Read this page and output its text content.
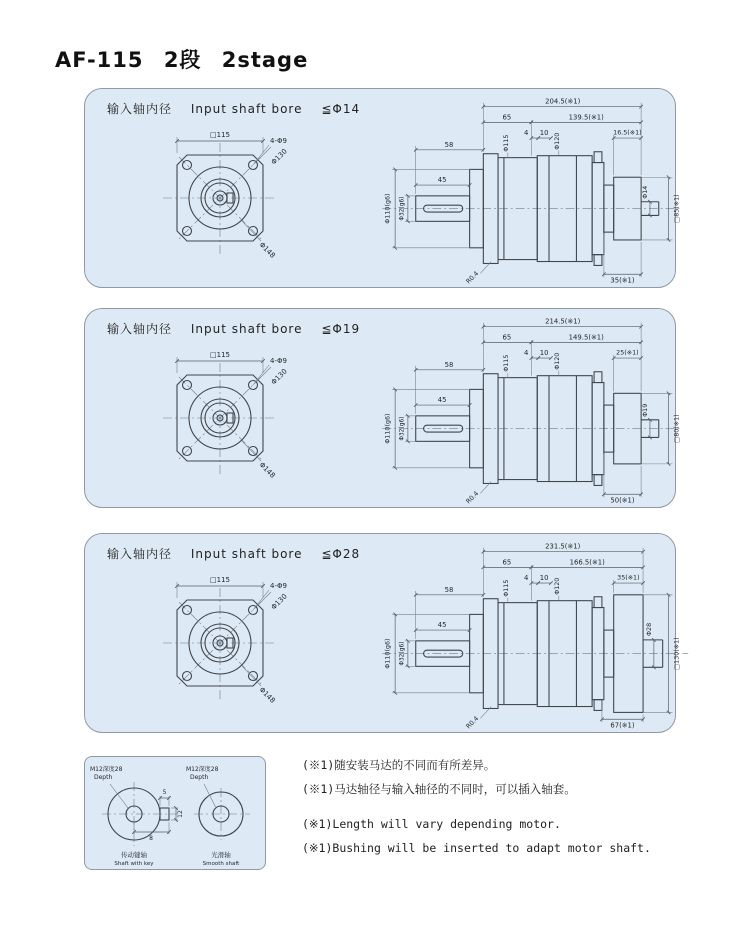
AF-115 2段 2stage
输入轴内径 Input shaft bore ≦Φ14
□115
4-Φ9
Φ130
Φ148
204.5(※1)
65	139.5(※1)
4 10	16.5(※1)
58
45
Φ115	Φ120
Φ110(g6) Φ32(g6)
Φ14
□85(※1)
35(※1)
R0.4
输入轴内径 Input shaft bore ≦Φ19
□115
4-Φ9
Φ130
Φ148
214.5(※1)
65	149.5(※1)
4 10	25(※1)
58
45
Φ115	Φ120
Φ110(g6) Φ32(g6)
Φ19
□80(※1)
50(※1)
R0.4
输入轴内径 Input shaft bore ≦Φ28
□115
4-Φ9
Φ130
Φ148
231.5(※1)
65	166.5(※1)
4 10	35(※1)
58
45
Φ115	Φ120
Φ110(g6) Φ32(g6)
Φ28
□130(※1)
67(※1)
R0.4
M12深度28
Depth
M12深度28
Depth
5
12
8
传动键轴
Shaft with key
光滑轴
Smooth shaft
(※1)随安装马达的不同而有所差异。
(※1)马达轴径与输入轴径的不同时，可以插入轴套。
(※1)Length will vary depending motor.
(※1)Bushing will be inserted to adapt motor shaft.
